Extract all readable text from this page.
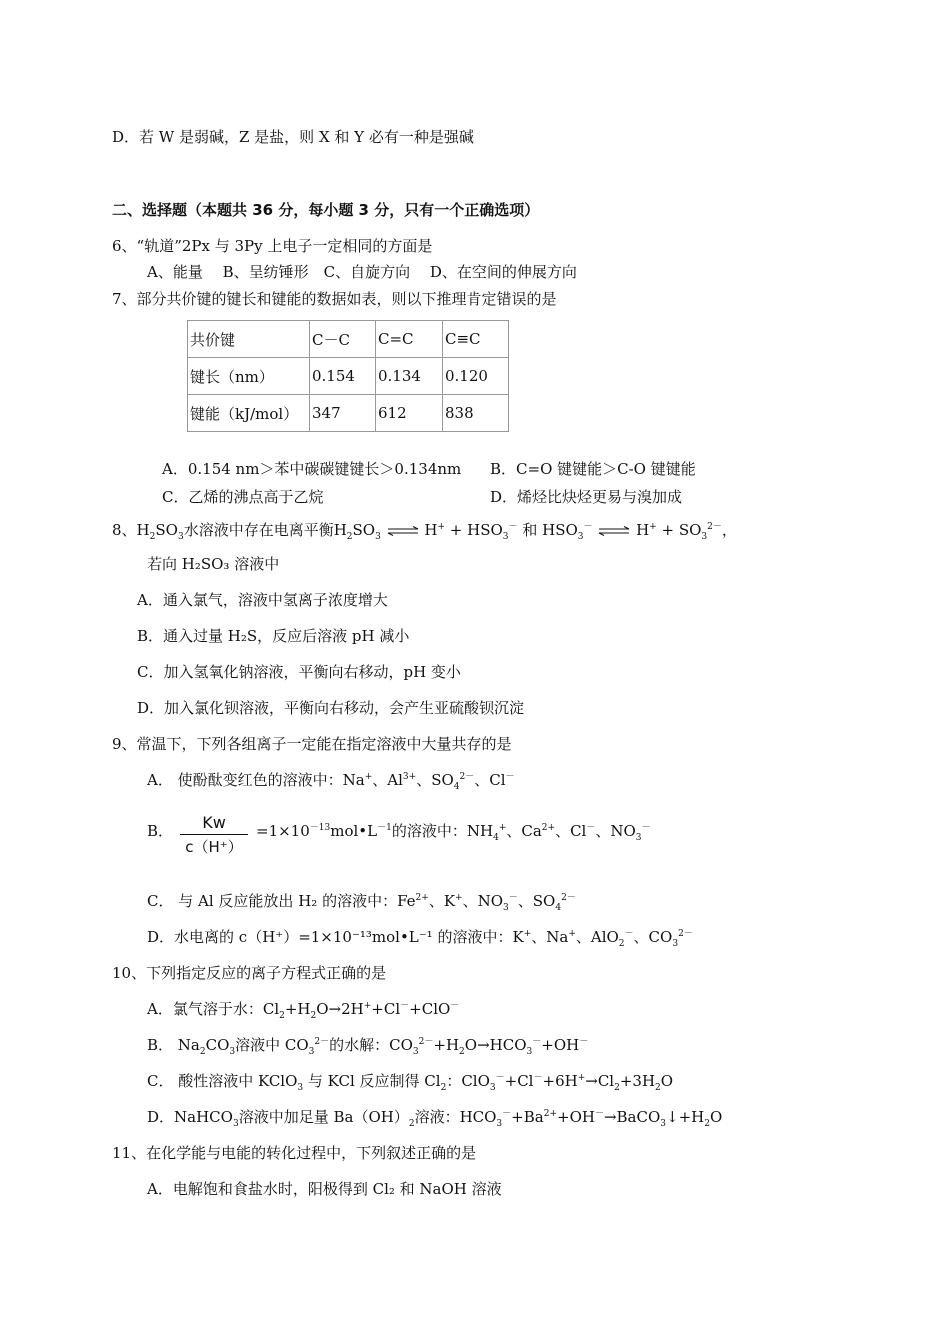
D．若 W 是弱碱，Z 是盐，则 X 和 Y 必有一种是强碱
二、选择题（本题共 36 分，每小题 3 分，只有一个正确选项）
6、“轨道”2Px 与 3Py 上电子一定相同的方面是
A、能量　 B、呈纺锤形　C、自旋方向　 D、在空间的伸展方向
7、部分共价键的键长和键能的数据如表，则以下推理肯定错误的是
共价键	C－C	C=C	C≡C
键长（nm）	0.154	0.134	0.120
键能（kJ/mol）	347	612	838
A．0.154 nm＞苯中碳碳键键长＞0.134nm B．C=O 键键能＞C-O 键键能
C．乙烯的沸点高于乙烷	D．烯烃比炔烃更易与溴加成
8、$H_2SO_3$水溶液中存在电离平衡$H_2SO_3$ ⇌ $H^+ + HSO_3^-$ 和 $HSO_3^-$ ⇌ $H^+ + SO_3^{2-}$，
若向 H₂SO₃ 溶液中
A．通入氯气，溶液中氢离子浓度增大
B．通入过量 H₂S，反应后溶液 pH 减小
C．加入氢氧化钠溶液，平衡向右移动，pH 变小
D．加入氯化钡溶液，平衡向右移动，会产生亚硫酸钡沉淀
9、常温下，下列各组离子一定能在指定溶液中大量共存的是
A． 使酚酞变红色的溶液中：Na+、$Al^{3+}$、$SO_4^{2-}$、Cl－
B． $\frac{Kw}{c(H^+)}$ $=1\times 10^{-13}mol•L^{-1}$的溶液中：$NH_4^+$、$Ca^{2+}$、Cl－、$NO_3^-$
C． 与 Al 反应能放出 H₂ 的溶液中：$Fe^{2+}$、K+、$NO_3^-$、$SO_4^{2-}$
D．水电离的 c（H⁺）=1×10⁻¹³mol•L⁻¹ 的溶液中：K+、Na+、AlO$_2$－、$CO_3^{2-}$
10、下列指定反应的离子方程式正确的是
A．氯气溶于水：$Cl_2+H_2O\to 2H^++Cl^-+ClO^-$
B． $Na_2CO_3$溶液中 $CO_3^{2-}$的水解：$CO_3^{2-}+H_2O\to HCO_3^-+OH^-$
C． 酸性溶液中 KClO$_3$ 与 KCl 反应制得 $Cl_2$：$ClO_3^-+Cl^-+6H^+\to Cl_2+3H_2O$
D．NaHCO$_3$溶液中加足量 $Ba(OH)_2$溶液：$HCO_3^-+Ba^{2+}+OH^-\to BaCO_3↓+H_2O$
11、在化学能与电能的转化过程中，下列叙述正确的是
A．电解饱和食盐水时，阳极得到 Cl₂ 和 NaOH 溶液
